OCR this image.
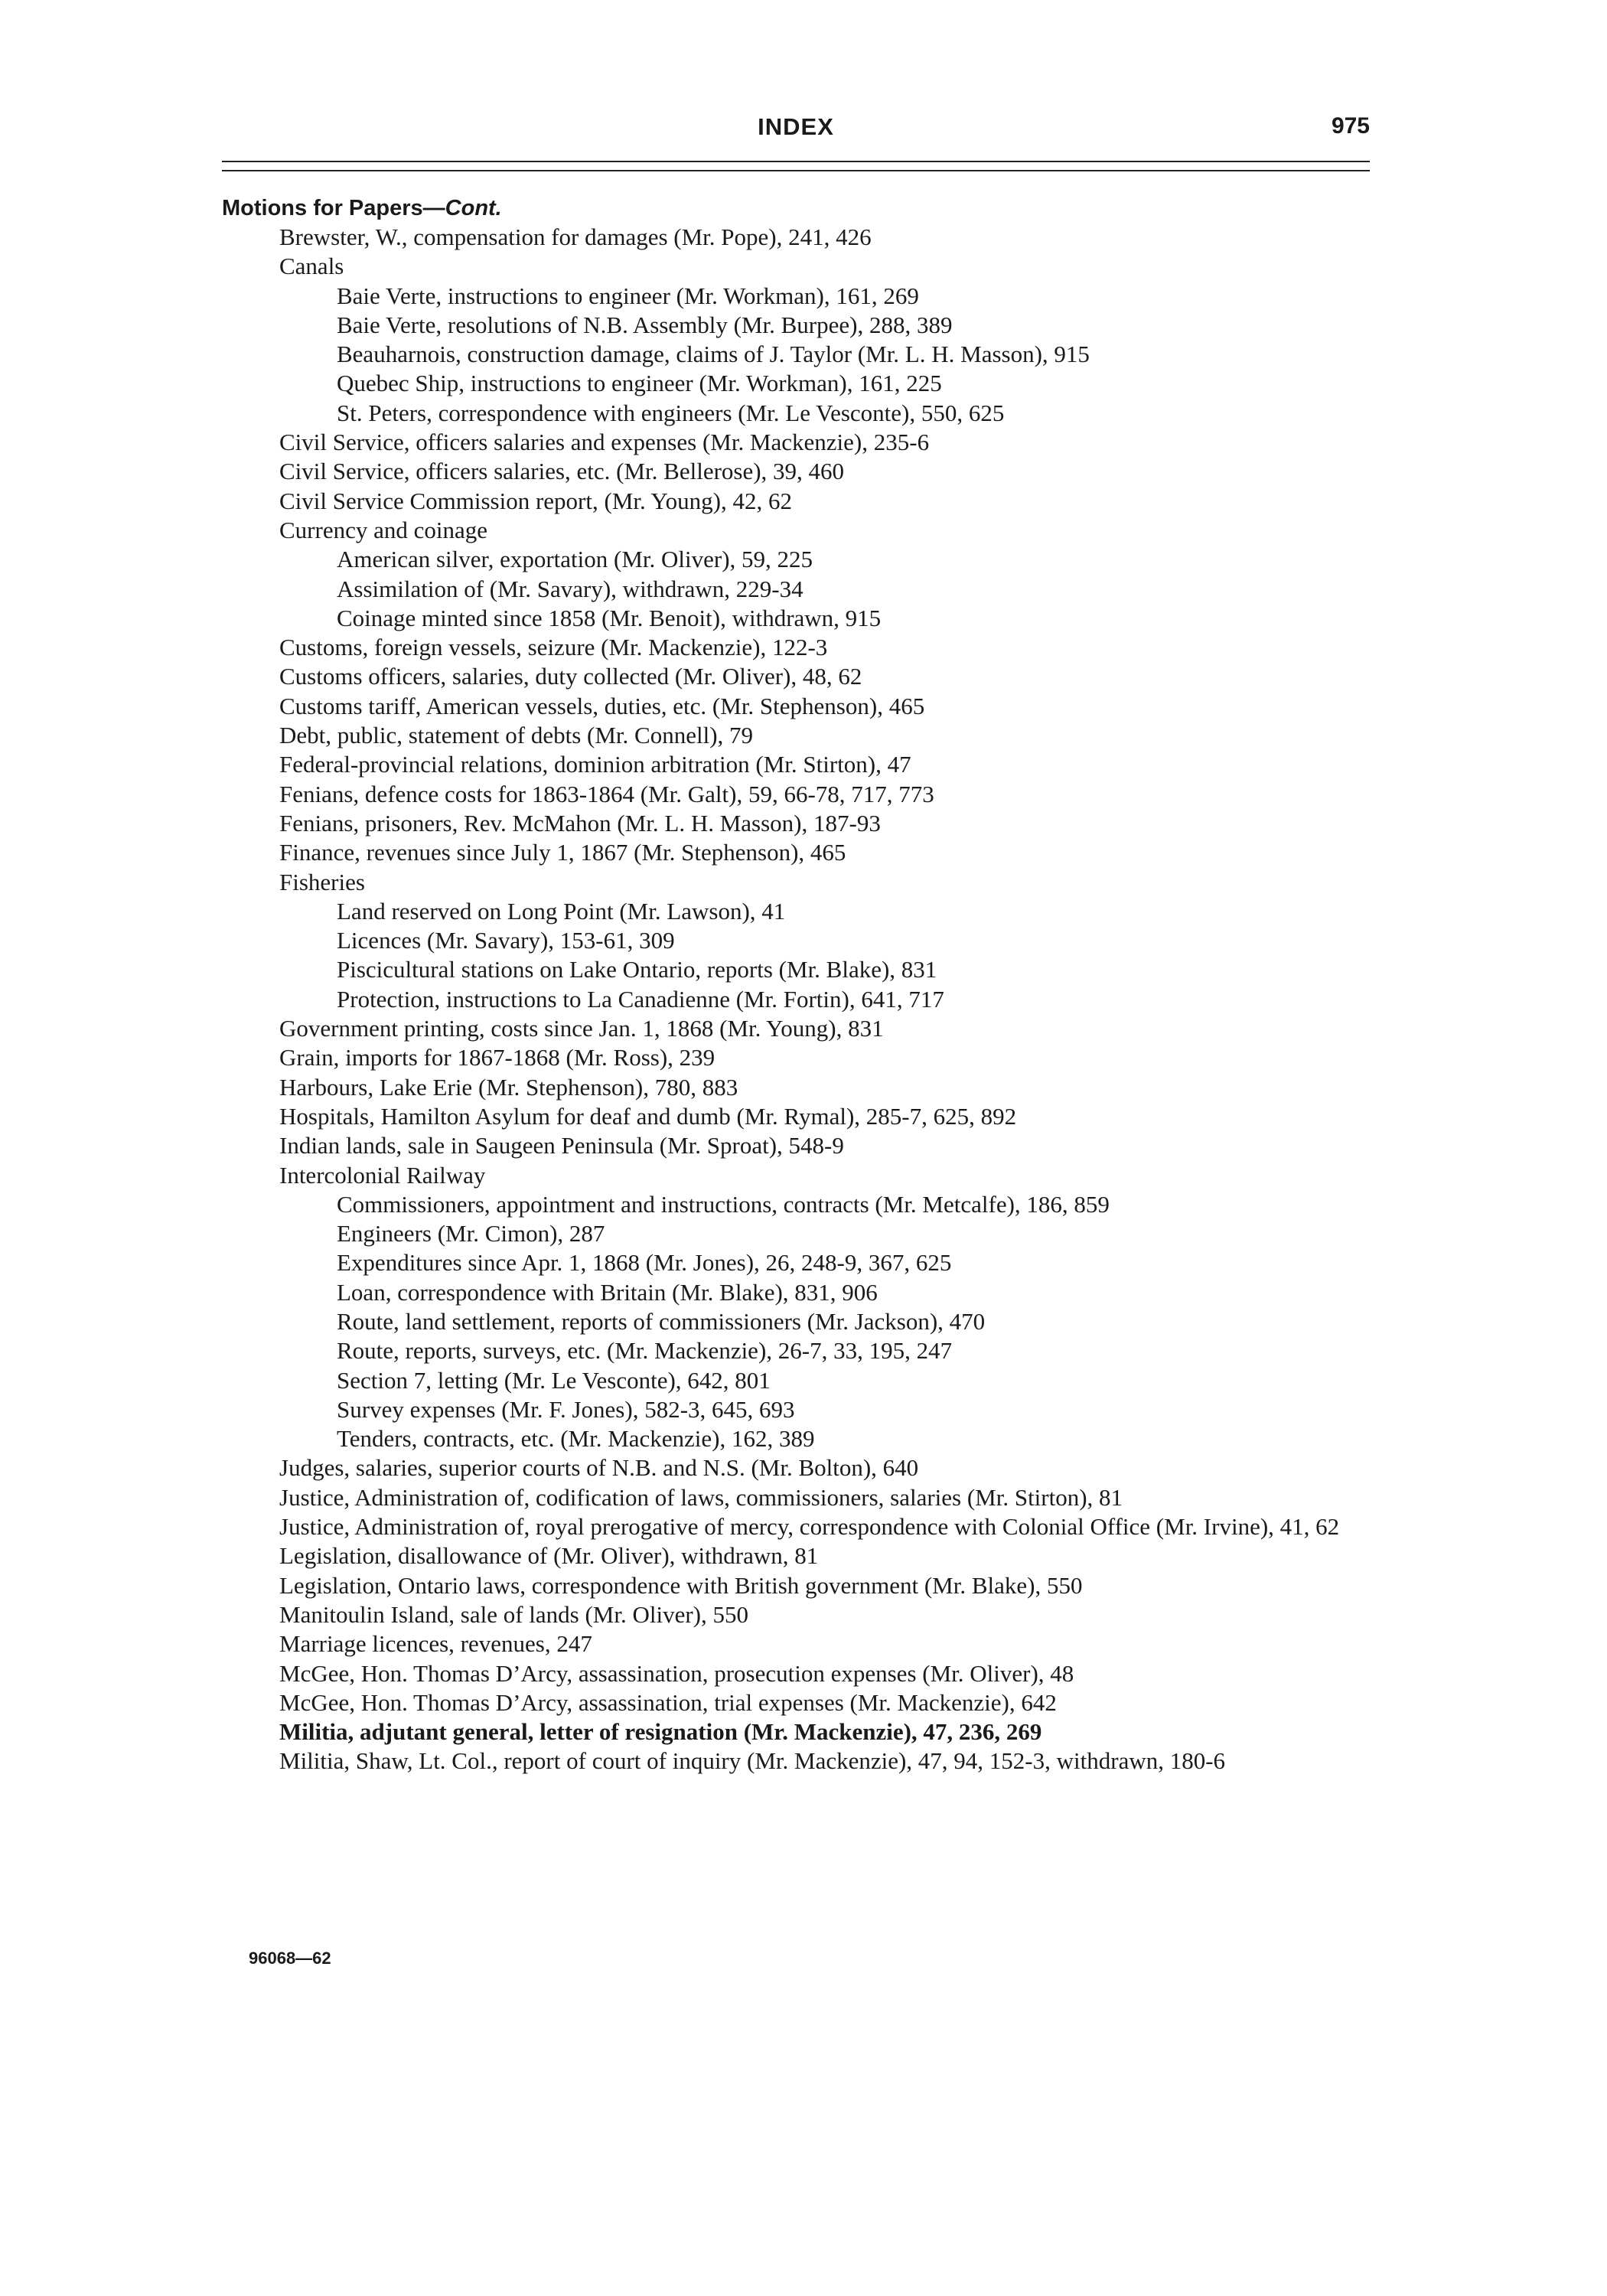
INDEX	975
Motions for Papers—Cont.
Brewster, W., compensation for damages (Mr. Pope), 241, 426
Canals
Baie Verte, instructions to engineer (Mr. Workman), 161, 269
Baie Verte, resolutions of N.B. Assembly (Mr. Burpee), 288, 389
Beauharnois, construction damage, claims of J. Taylor (Mr. L. H. Masson), 915
Quebec Ship, instructions to engineer (Mr. Workman), 161, 225
St. Peters, correspondence with engineers (Mr. Le Vesconte), 550, 625
Civil Service, officers salaries and expenses (Mr. Mackenzie), 235-6
Civil Service, officers salaries, etc. (Mr. Bellerose), 39, 460
Civil Service Commission report, (Mr. Young), 42, 62
Currency and coinage
American silver, exportation (Mr. Oliver), 59, 225
Assimilation of (Mr. Savary), withdrawn, 229-34
Coinage minted since 1858 (Mr. Benoit), withdrawn, 915
Customs, foreign vessels, seizure (Mr. Mackenzie), 122-3
Customs officers, salaries, duty collected (Mr. Oliver), 48, 62
Customs tariff, American vessels, duties, etc. (Mr. Stephenson), 465
Debt, public, statement of debts (Mr. Connell), 79
Federal-provincial relations, dominion arbitration (Mr. Stirton), 47
Fenians, defence costs for 1863-1864 (Mr. Galt), 59, 66-78, 717, 773
Fenians, prisoners, Rev. McMahon (Mr. L. H. Masson), 187-93
Finance, revenues since July 1, 1867 (Mr. Stephenson), 465
Fisheries
Land reserved on Long Point (Mr. Lawson), 41
Licences (Mr. Savary), 153-61, 309
Piscicultural stations on Lake Ontario, reports (Mr. Blake), 831
Protection, instructions to La Canadienne (Mr. Fortin), 641, 717
Government printing, costs since Jan. 1, 1868 (Mr. Young), 831
Grain, imports for 1867-1868 (Mr. Ross), 239
Harbours, Lake Erie (Mr. Stephenson), 780, 883
Hospitals, Hamilton Asylum for deaf and dumb (Mr. Rymal), 285-7, 625, 892
Indian lands, sale in Saugeen Peninsula (Mr. Sproat), 548-9
Intercolonial Railway
Commissioners, appointment and instructions, contracts (Mr. Metcalfe), 186, 859
Engineers (Mr. Cimon), 287
Expenditures since Apr. 1, 1868 (Mr. Jones), 26, 248-9, 367, 625
Loan, correspondence with Britain (Mr. Blake), 831, 906
Route, land settlement, reports of commissioners (Mr. Jackson), 470
Route, reports, surveys, etc. (Mr. Mackenzie), 26-7, 33, 195, 247
Section 7, letting (Mr. Le Vesconte), 642, 801
Survey expenses (Mr. F. Jones), 582-3, 645, 693
Tenders, contracts, etc. (Mr. Mackenzie), 162, 389
Judges, salaries, superior courts of N.B. and N.S. (Mr. Bolton), 640
Justice, Administration of, codification of laws, commissioners, salaries (Mr. Stirton), 81
Justice, Administration of, royal prerogative of mercy, correspondence with Colonial Office (Mr. Irvine), 41, 62
Legislation, disallowance of (Mr. Oliver), withdrawn, 81
Legislation, Ontario laws, correspondence with British government (Mr. Blake), 550
Manitoulin Island, sale of lands (Mr. Oliver), 550
Marriage licences, revenues, 247
McGee, Hon. Thomas D’Arcy, assassination, prosecution expenses (Mr. Oliver), 48
McGee, Hon. Thomas D’Arcy, assassination, trial expenses (Mr. Mackenzie), 642
Militia, adjutant general, letter of resignation (Mr. Mackenzie), 47, 236, 269
Militia, Shaw, Lt. Col., report of court of inquiry (Mr. Mackenzie), 47, 94, 152-3, withdrawn, 180-6
96068—62
